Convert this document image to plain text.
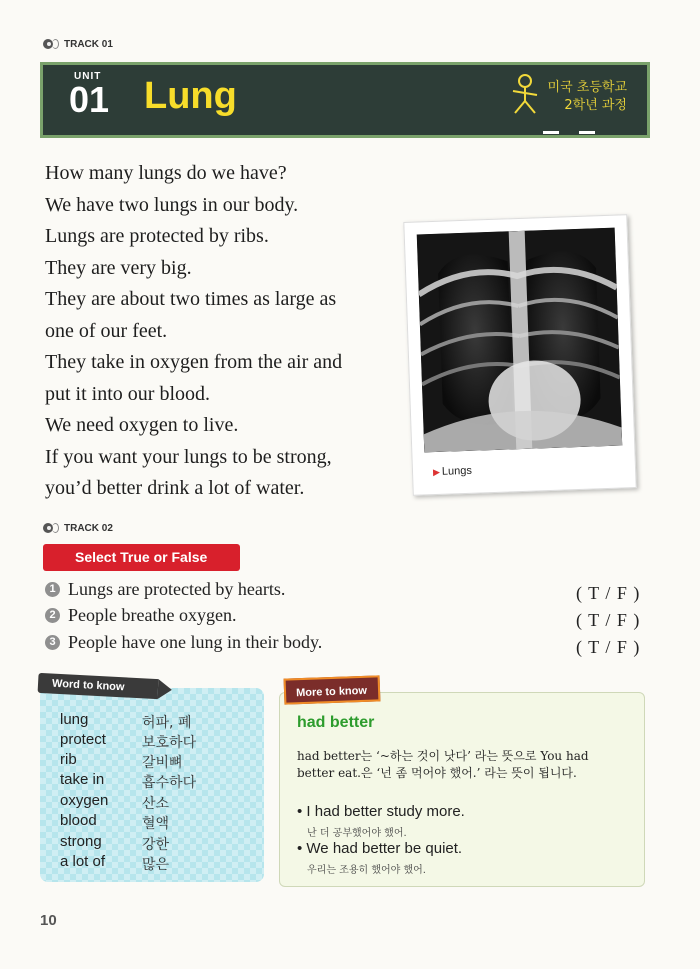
TRACK 01
UNIT
01 Lung	미국 초등학교
2학년 과정
How many lungs do we have?
We have two lungs in our body.
Lungs are protected by ribs.
They are very big.
They are about two times as large as
one of our feet.
They take in oxygen from the air and
put it into our blood.
We need oxygen to live.
If you want your lungs to be strong,
you’d better drink a lot of water.
▶ Lungs
TRACK 02
Select True or False
1 Lungs are protected by hearts.	( T / F )
2 People breathe oxygen.	( T / F )
3 People have one lung in their body.	( T / F )
Word to know
lung	허파, 폐
protect	보호하다
rib	갈비뼈
take in	흡수하다
oxygen 산소
blood	혈액
strong	강한
a lot of	많은
More to know
had better
had better는 ‘~하는 것이 낫다’ 라는 뜻으로 You had better eat.은 ‘넌 좀 먹어야 했어.’ 라는 뜻이 됩니다.
• I had better study more.
난 더 공부했어야 했어.
• We had better be quiet.
우리는 조용히 했어야 했어.
10
